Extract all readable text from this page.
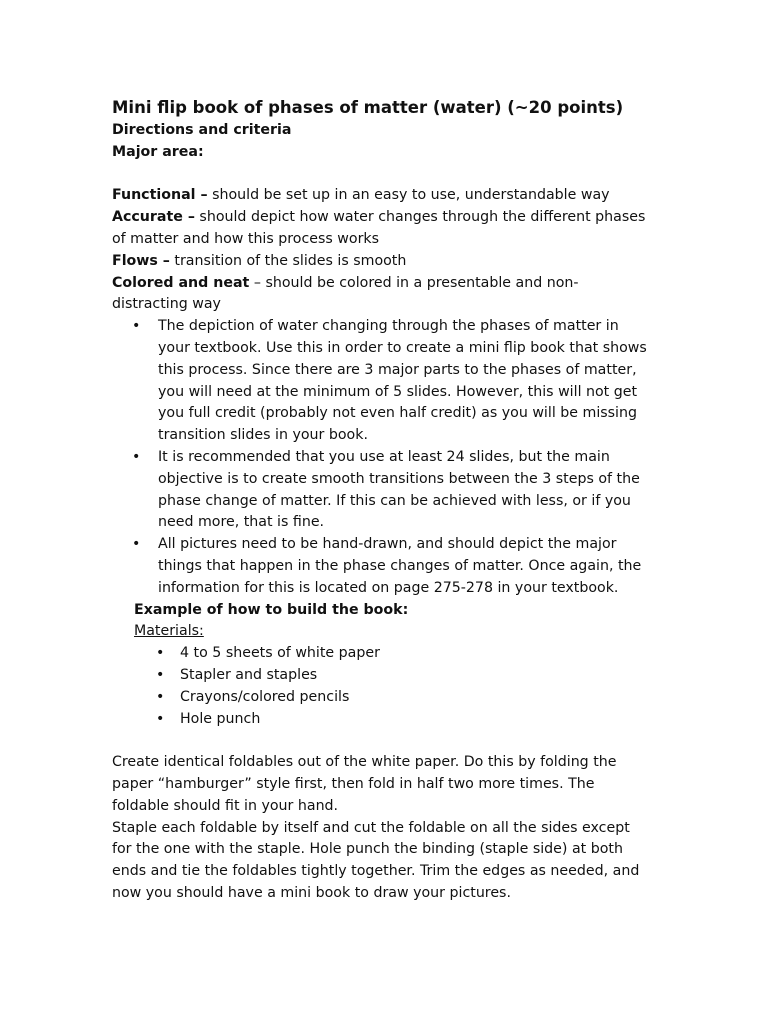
Mini flip book of phases of matter (water) (~20 points)

Directions and criteria

Major area:

Functional – should be set up in an easy to use, understandable way

Accurate – should depict how water changes through the different phases of matter and how this process works

Flows – transition of the slides is smooth

Colored and neat – should be colored in a presentable and non-distracting way

• The depiction of water changing through the phases of matter in your textbook. Use this in order to create a mini flip book that shows this process. Since there are 3 major parts to the phases of matter, you will need at the minimum of 5 slides. However, this will not get you full credit (probably not even half credit) as you will be missing transition slides in your book.
• It is recommended that you use at least 24 slides, but the main objective is to create smooth transitions between the 3 steps of the phase change of matter. If this can be achieved with less, or if you need more, that is fine.
• All pictures need to be hand-drawn, and should depict the major things that happen in the phase changes of matter. Once again, the information for this is located on page 275-278 in your textbook.

Example of how to build the book:

Materials:

• 4 to 5 sheets of white paper
• Stapler and staples
• Crayons/colored pencils
• Hole punch

Create identical foldables out of the white paper. Do this by folding the paper “hamburger” style first, then fold in half two more times. The foldable should fit in your hand.

Staple each foldable by itself and cut the foldable on all the sides except for the one with the staple. Hole punch the binding (staple side) at both ends and tie the foldables tightly together. Trim the edges as needed, and now you should have a mini book to draw your pictures.
